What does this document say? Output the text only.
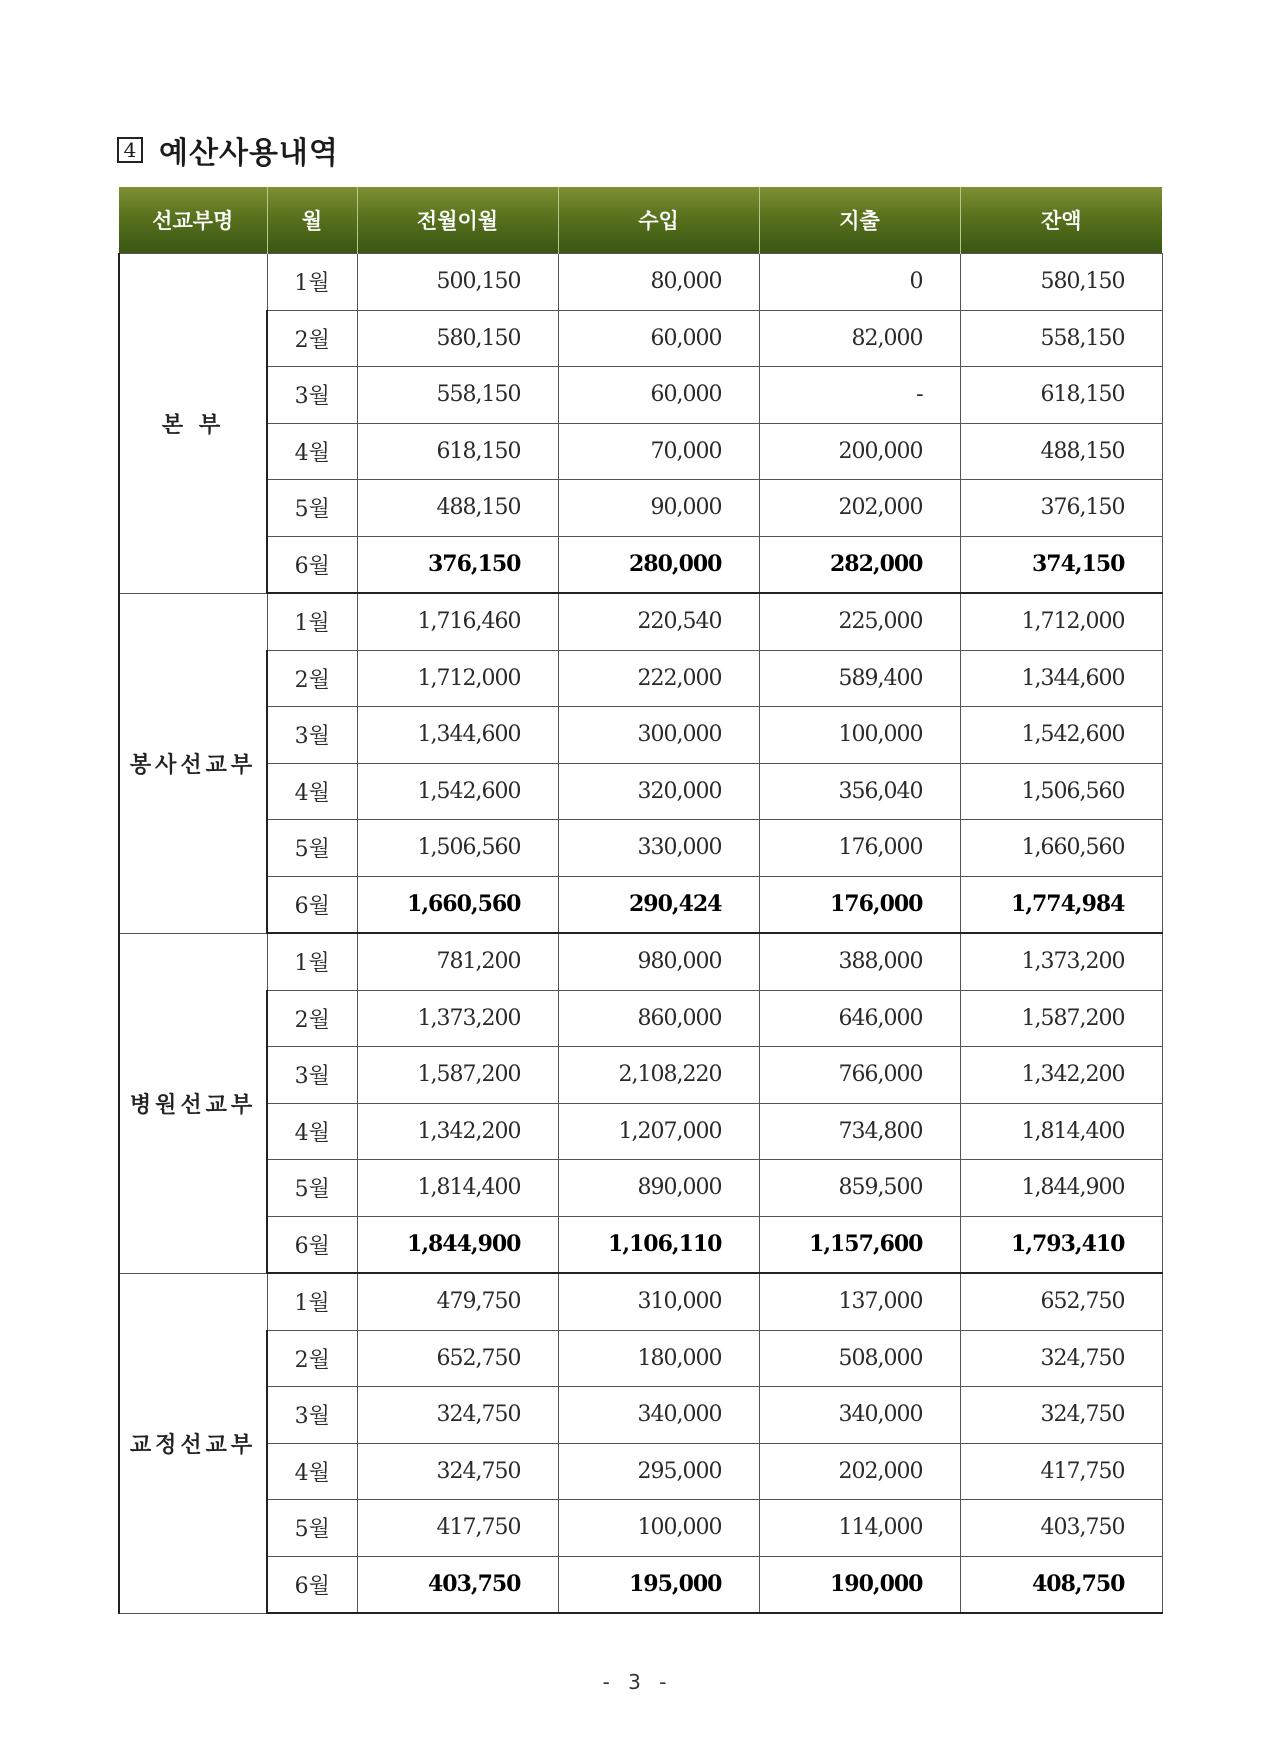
4 예산사용내역
선교부명	월	전월이월	수입	지출	잔액
본 부	1월	500,150	80,000	0	580,150
	2월	580,150	60,000	82,000	558,150
	3월	558,150	60,000	-	618,150
	4월	618,150	70,000	200,000	488,150
	5월	488,150	90,000	202,000	376,150
	6월	376,150	280,000	282,000	374,150
봉사선교부	1월	1,716,460	220,540	225,000	1,712,000
	2월	1,712,000	222,000	589,400	1,344,600
	3월	1,344,600	300,000	100,000	1,542,600
	4월	1,542,600	320,000	356,040	1,506,560
	5월	1,506,560	330,000	176,000	1,660,560
	6월	1,660,560	290,424	176,000	1,774,984
병원선교부	1월	781,200	980,000	388,000	1,373,200
	2월	1,373,200	860,000	646,000	1,587,200
	3월	1,587,200	2,108,220	766,000	1,342,200
	4월	1,342,200	1,207,000	734,800	1,814,400
	5월	1,814,400	890,000	859,500	1,844,900
	6월	1,844,900	1,106,110	1,157,600	1,793,410
교정선교부	1월	479,750	310,000	137,000	652,750
	2월	652,750	180,000	508,000	324,750
	3월	324,750	340,000	340,000	324,750
	4월	324,750	295,000	202,000	417,750
	5월	417,750	100,000	114,000	403,750
	6월	403,750	195,000	190,000	408,750
- 3 -
